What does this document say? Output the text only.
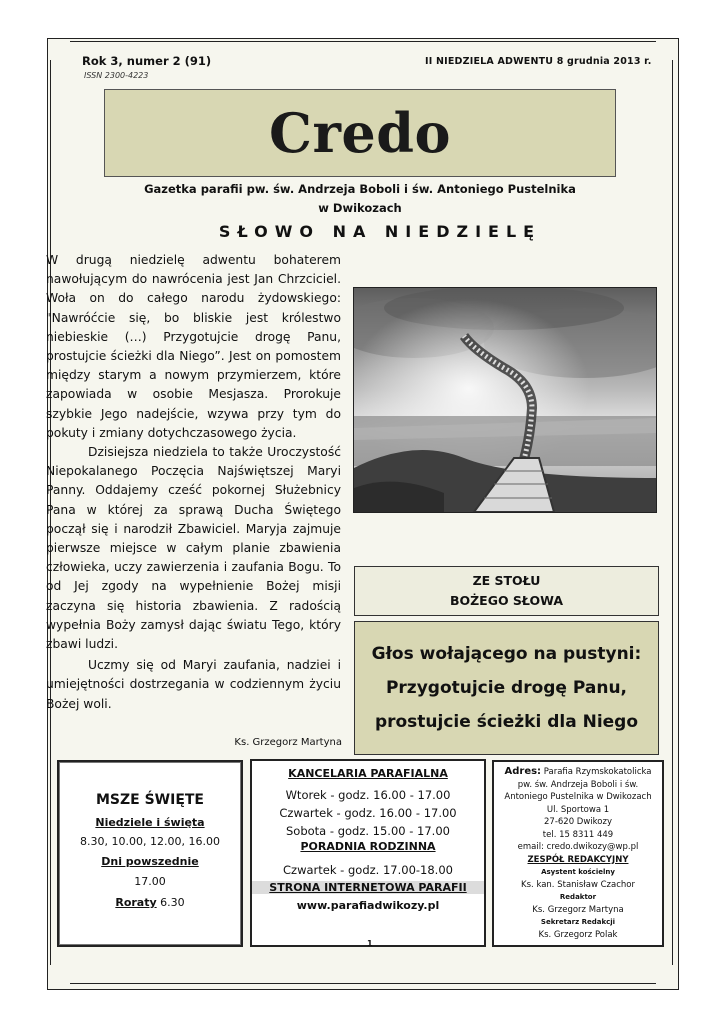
Rok 3, numer 2 (91)
ISSN 2300-4223
II NIEDZIELA ADWENTU 8 grudnia 2013 r.
Credo
Gazetka parafii pw. św. Andrzeja Boboli i św. Antoniego Pustelnika
w Dwikozach
SŁOWO NA NIEDZIELĘ

W drugą niedzielę adwentu bohaterem nawołującym do nawrócenia jest Jan Chrzciciel. Woła on do całego narodu żydowskiego: "Nawróćcie się, bo bliskie jest królestwo niebieskie (…) Przygotujcie drogę Panu, prostujcie ścieżki dla Niego”. Jest on pomostem między starym a nowym przymierzem, które zapowiada w osobie Mesjasza. Prorokuje szybkie Jego nadejście, wzywa przy tym do pokuty i zmiany dotychczasowego życia.

Dzisiejsza niedziela to także Uroczystość Niepokalanego Poczęcia Najświętszej Maryi Panny. Oddajemy cześć pokornej Służebnicy Pana w której za sprawą Ducha Świętego począł się i narodził Zbawiciel. Maryja zajmuje pierwsze miejsce w całym planie zbawienia człowieka, uczy zawierzenia i zaufania Bogu. To od Jej zgody na wypełnienie Bożej misji zaczyna się historia zbawienia. Z radością wypełnia Boży zamysł dając światu Tego, który zbawi ludzi.

Uczmy się od Maryi zaufania, nadziei i umiejętności dostrzegania w codziennym życiu Bożej woli.

Ks. Grzegorz Martyna
ZE STOŁU
BOŻEGO SŁOWA
Głos wołającego na pustyni:
Przygotujcie drogę Panu,
prostujcie ścieżki dla Niego
MSZE ŚWIĘTE
Niedziele i święta
8.30, 10.00, 12.00, 16.00
Dni powszednie
17.00
Roraty 6.30
KANCELARIA PARAFIALNA
Wtorek - godz. 16.00 - 17.00
Czwartek - godz. 16.00 - 17.00
Sobota - godz. 15.00 - 17.00
PORADNIA RODZINNA
Czwartek - godz. 17.00-18.00
STRONA INTERNETOWA PARAFII
www.parafiadwikozy.pl
Adres: Parafia Rzymskokatolicka
pw. św. Andrzeja Boboli i św.
Antoniego Pustelnika w Dwikozach
Ul. Sportowa 1
27-620 Dwikozy
tel. 15 8311 449
email: credo.dwikozy@wp.pl
ZESPÓŁ REDAKCYJNY
Asystent kościelny
Ks. kan. Stanisław Czachor
Redaktor
Ks. Grzegorz Martyna
Sekretarz Redakcji
Ks. Grzegorz Polak
1
